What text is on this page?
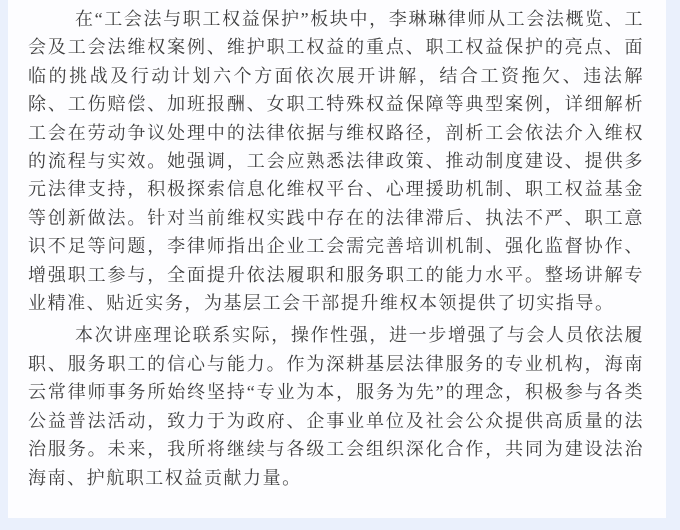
在“工会法与职工权益保护”板块中，李琳琳律师从工会法概览、工会及工会法维权案例、维护职工权益的重点、职工权益保护的亮点、面临的挑战及行动计划六个方面依次展开讲解，结合工资拖欠、违法解除、工伤赔偿、加班报酬、女职工特殊权益保障等典型案例，详细解析工会在劳动争议处理中的法律依据与维权路径，剖析工会依法介入维权的流程与实效。她强调，工会应熟悉法律政策、推动制度建设、提供多元法律支持，积极探索信息化维权平台、心理援助机制、职工权益基金等创新做法。针对当前维权实践中存在的法律滞后、执法不严、职工意识不足等问题，李律师指出企业工会需完善培训机制、强化监督协作、增强职工参与，全面提升依法履职和服务职工的能力水平。整场讲解专业精准、贴近实务，为基层工会干部提升维权本领提供了切实指导。

本次讲座理论联系实际，操作性强，进一步增强了与会人员依法履职、服务职工的信心与能力。作为深耕基层法律服务的专业机构，海南云常律师事务所始终坚持“专业为本，服务为先”的理念，积极参与各类公益普法活动，致力于为政府、企事业单位及社会公众提供高质量的法治服务。未来，我所将继续与各级工会组织深化合作，共同为建设法治海南、护航职工权益贡献力量。
